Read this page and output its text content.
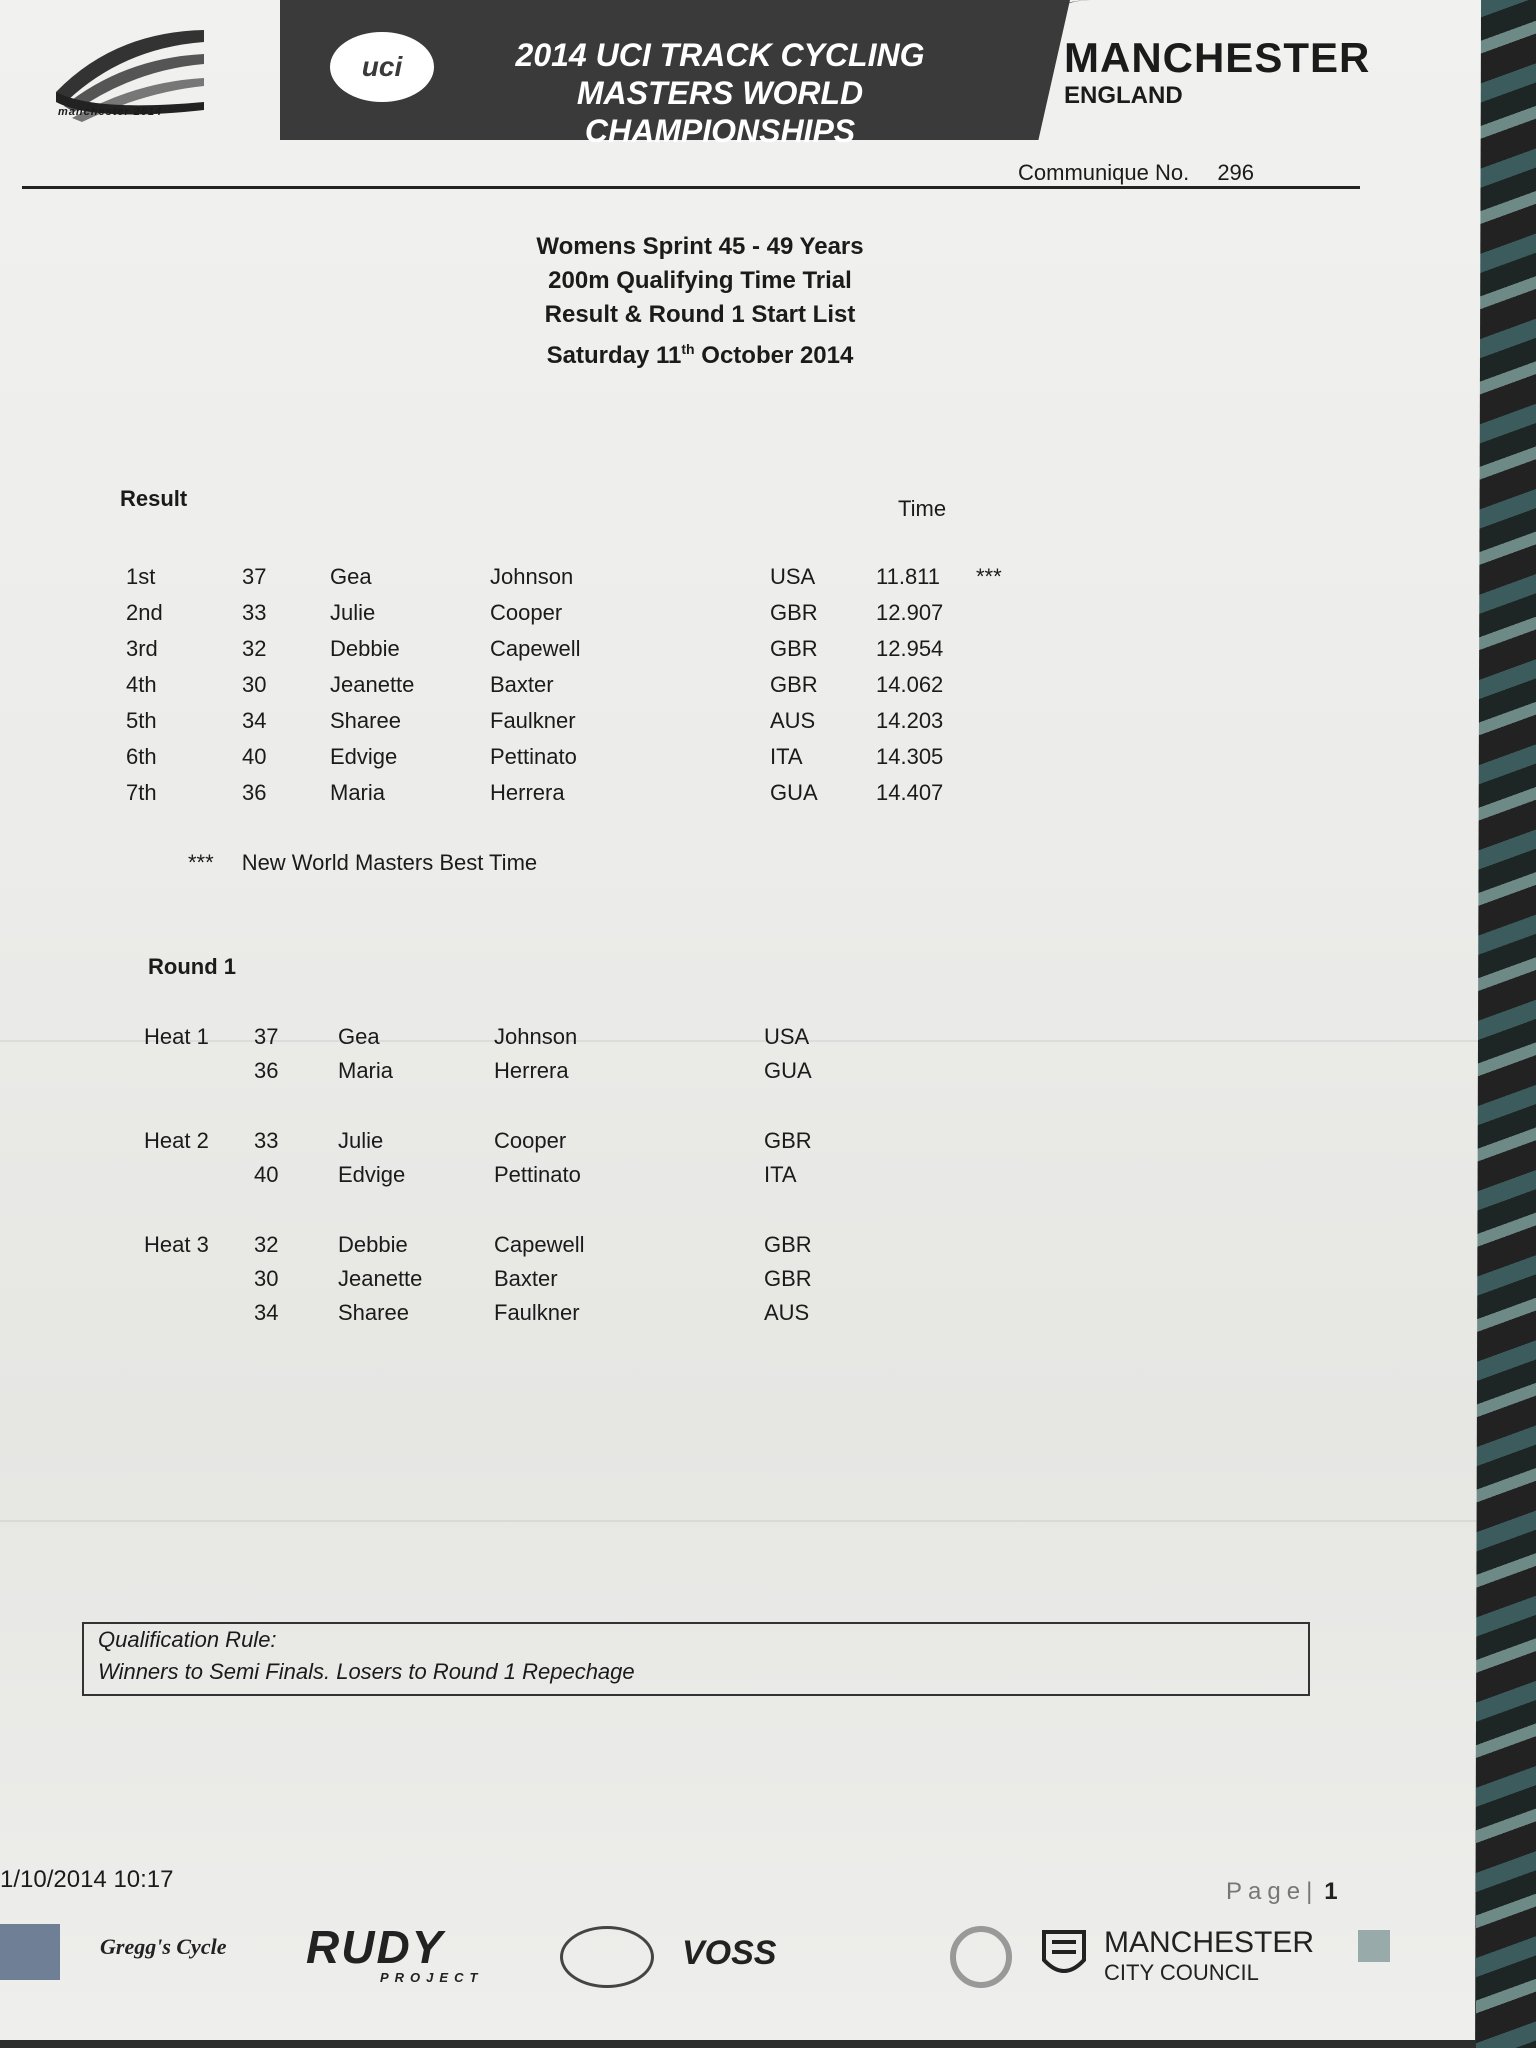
manchester 2014
uci	2014 UCI TRACK CYCLING
MASTERS WORLD CHAMPIONSHIPS
MANCHESTER
ENGLAND
Communique No. 296
Womens Sprint 45 - 49 Years
200m Qualifying Time Trial
Result & Round 1 Start List
Saturday 11th October 2014
Result	Time
1st	37	Gea	Johnson	USA	11.811 ***
2nd	33	Julie	Cooper	GBR	12.907
3rd	32	Debbie	Capewell	GBR	12.954
4th	30	Jeanette	Baxter	GBR	14.062
5th	34	Sharee	Faulkner	AUS	14.203
6th	40	Edvige	Pettinato	ITA	14.305
7th	36	Maria	Herrera	GUA	14.407
*** New World Masters Best Time
Round 1
Heat 1 37	Gea	Johnson	USA
36	Maria	Herrera	GUA
Heat 2 33	Julie	Cooper	GBR
40	Edvige	Pettinato	ITA
Heat 3 32	Debbie	Capewell	GBR
30	Jeanette	Baxter	GBR
34	Sharee	Faulkner	AUS
Qualification Rule:
Winners to Semi Finals. Losers to Round 1 Repechage
1/10/2014 10:17	Page| 1
Gregg's Cycle RUDY
PROJECT
VOSS	MANCHESTER
CITY COUNCIL
